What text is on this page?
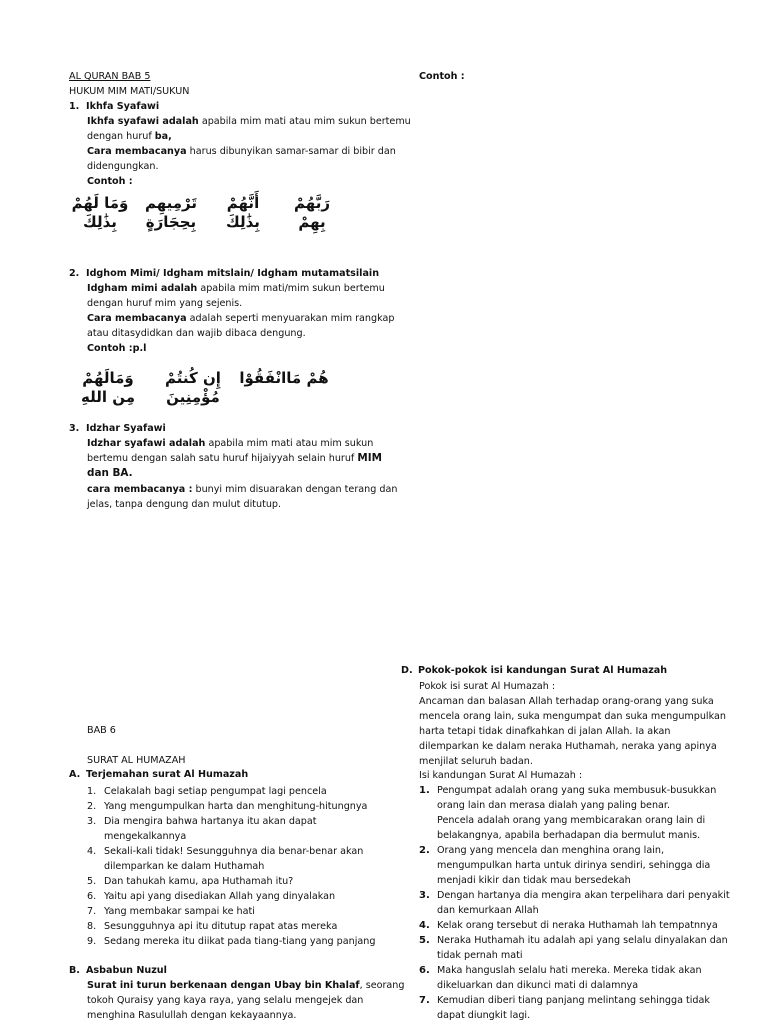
AL QURAN BAB 5
HUKUM MIM MATI/SUKUN
1. Ikhfa Syafawi
Ikhfa syafawi adalah apabila mim mati atau mim sukun bertemu
dengan huruf ba,
Cara membacanya harus dibunyikan samar-samar di bibir dan
didengungkan.
Contoh :
وَمَا لَهُمْ بِذَٰلِكَ
تَرْمِيهِم بِحِجَارَةٍ
أَنَّهُمْ بِذَٰلِكَ
رَبَّهُمْ بِهِمْ
2. Idghom Mimi/ Idgham mitslain/ Idgham mutamatsilain
Idgham mimi adalah apabila mim mati/mim sukun bertemu
dengan huruf mim yang sejenis.
Cara membacanya adalah seperti menyuarakan mim rangkap
atau ditasydidkan dan wajib dibaca dengung.
Contoh :p.l
وَمَالَهُمْ مِن اللهِ
إِن كُنتُمْ مُؤْمِنِينَ
هُمْ مَاانْفَقُوْا
3. Idzhar Syafawi
Idzhar syafawi adalah apabila mim mati atau mim sukun
bertemu dengan salah satu huruf hijaiyyah selain huruf MIM
dan BA.
cara membacanya : bunyi mim disuarakan dengan terang dan
jelas, tanpa dengung dan mulut ditutup.
BAB 6
SURAT AL HUMAZAH
A. Terjemahan surat Al Humazah
1. Celakalah bagi setiap pengumpat lagi pencela
2. Yang mengumpulkan harta dan menghitung-hitungnya
3. Dia mengira bahwa hartanya itu akan dapat
mengekalkannya
4. Sekali-kali tidak! Sesungguhnya dia benar-benar akan
dilemparkan ke dalam Huthamah
5. Dan tahukah kamu, apa Huthamah itu?
6. Yaitu api yang disediakan Allah yang dinyalakan
7. Yang membakar sampai ke hati
8. Sesungguhnya api itu ditutup rapat atas mereka
9. Sedang mereka itu diikat pada tiang-tiang yang panjang
B. Asbabun Nuzul
Surat ini turun berkenaan dengan Ubay bin Khalaf, seorang
tokoh Quraisy yang kaya raya, yang selalu mengejek dan
menghina Rasulullah dengan kekayaannya.
Contoh :
D. Pokok-pokok isi kandungan Surat Al Humazah
Pokok isi surat Al Humazah :
Ancaman dan balasan Allah terhadap orang-orang yang suka
mencela orang lain, suka mengumpat dan suka mengumpulkan
harta tetapi tidak dinafkahkan di jalan Allah. Ia akan
dilemparkan ke dalam neraka Huthamah, neraka yang apinya
menjilat seluruh badan.
Isi kandungan Surat Al Humazah :
1. Pengumpat adalah orang yang suka membusuk-busukkan
orang lain dan merasa dialah yang paling benar.
Pencela adalah orang yang membicarakan orang lain di
belakangnya, apabila berhadapan dia bermulut manis.
2. Orang yang mencela dan menghina orang lain,
mengumpulkan harta untuk dirinya sendiri, sehingga dia
menjadi kikir dan tidak mau bersedekah
3. Dengan hartanya dia mengira akan terpelihara dari penyakit
dan kemurkaan Allah
4. Kelak orang tersebut di neraka Huthamah lah tempatnnya
5. Neraka Huthamah itu adalah api yang selalu dinyalakan dan
tidak pernah mati
6. Maka hanguslah selalu hati mereka. Mereka tidak akan
dikeluarkan dan dikunci mati di dalamnya
7. Kemudian diberi tiang panjang melintang sehingga tidak
dapat diungkit lagi.
